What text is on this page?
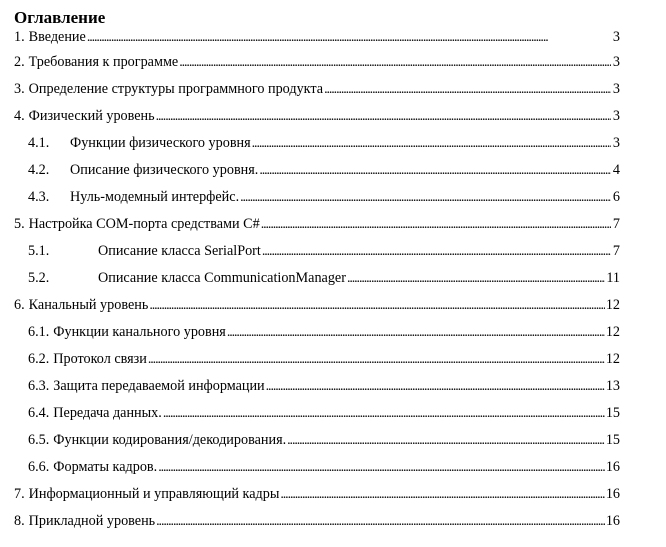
Оглавление
1. Введение . . .	3
2. Требования к программе . . .	3
3. Определение структуры программного продукта . . .	3
4. Физический уровень . . .	3
4.1. Функции физического уровня . . .	3
4.2. Описание физического уровня. . . .	4
4.3. Нуль-модемный интерфейс. . . .	6
5. Настройка COM-порта средствами C# . . .	7
5.1.	Описание класса SerialPort . . .	7
5.2.	Описание класса CommunicationManager . . .	11
6. Канальный уровень . . .	12
6.1. Функции канального уровня . . .	12
6.2. Протокол связи . . .	12
6.3. Защита передаваемой информации . . .	13
6.4. Передача данных. . . .	15
6.5. Функции кодирования/декодирования. . . .	15
6.6. Форматы кадров. . . .	16
7. Информационный и управляющий кадры . . .	16
8. Прикладной уровень . . .	16
